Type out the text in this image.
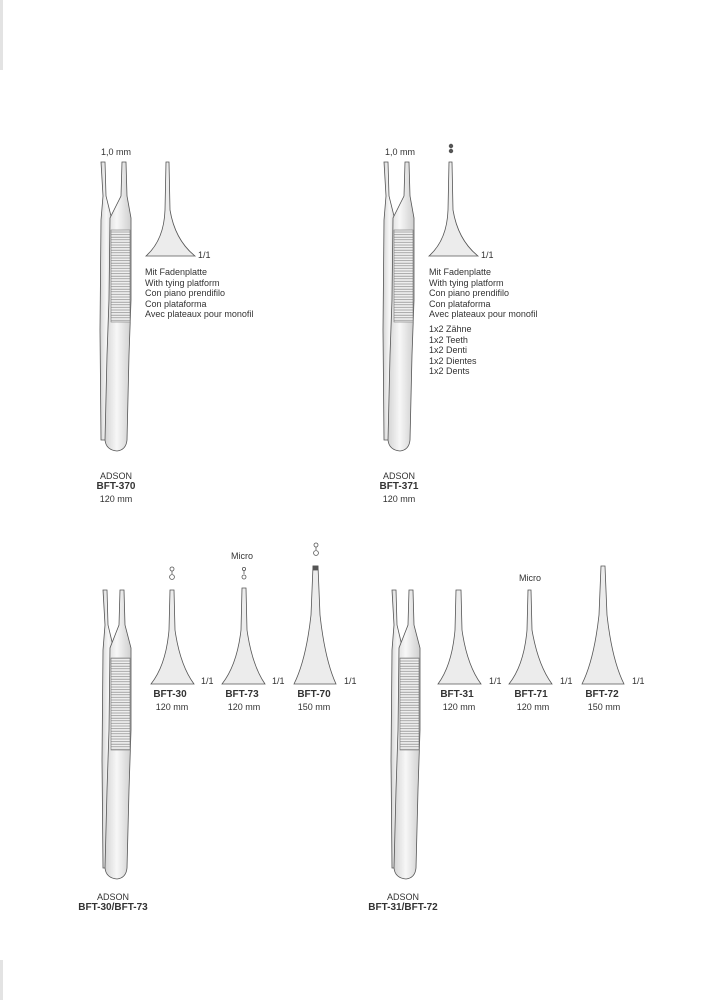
1,0 mm
1/1
Mit Fadenplatte
With tying platform
Con piano prendifilo
Con plataforma
Avec plateaux pour monofil
ADSON
BFT-370
120 mm
1,0 mm
1/1
Mit Fadenplatte
With tying platform
Con piano prendifilo
Con plataforma
Avec plateaux pour monofil
1x2 Zähne
1x2 Teeth
1x2 Denti
1x2 Dientes
1x2 Dents
ADSON
BFT-371
120 mm
Micro
1/1	1/1	1/1
BFT-30
120 mm
BFT-73
120 mm
BFT-70
150 mm
ADSON
BFT-30/BFT-73
Micro
1/1	1/1	1/1
BFT-31
120 mm
BFT-71
120 mm
BFT-72
150 mm
ADSON
BFT-31/BFT-72
